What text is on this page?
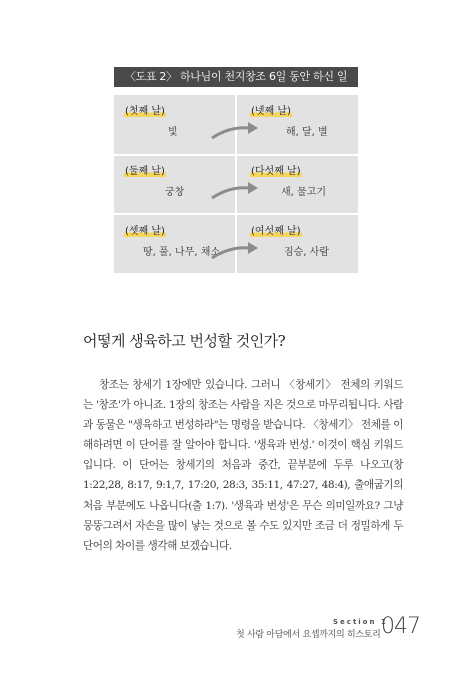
〈도표 2〉 하나님이 천지창조 6일 동안 하신 일
(첫째 날)
빛
(넷째 날)
해, 달, 별
(둘째 날)
궁창
(다섯째 날)
새, 물고기
(셋째 날)
땅, 풀, 나무, 채소
(여섯째 날)
짐승, 사람
어떻게 생육하고 번성할 것인가?

창조는 창세기 1장에만 있습니다. 그러니 〈창세기〉 전체의 키워드는 '창조'가 아니죠. 1장의 창조는 사람을 지은 것으로 마무리됩니다. 사람과 동물은 "생육하고 번성하라"는 명령을 받습니다. 〈창세기〉 전체를 이해하려면 이 단어를 잘 알아야 합니다. '생육과 번성.' 이것이 핵심 키워드입니다. 이 단어는 창세기의 처음과 중간, 끝부분에 두루 나오고(창 1:22,28, 8:17, 9:1,7, 17:20, 28:3, 35:11, 47:27, 48:4), 출애굽기의 처음 부분에도 나옵니다(출 1:7). '생육과 번성'은 무슨 의미일까요? 그냥 뭉뚱그려서 자손을 많이 낳는 것으로 볼 수도 있지만 조금 더 정밀하게 두 단어의 차이를 생각해 보겠습니다.

Section 1
첫 사람 아담에서 요셉까지의 히스토리 047
